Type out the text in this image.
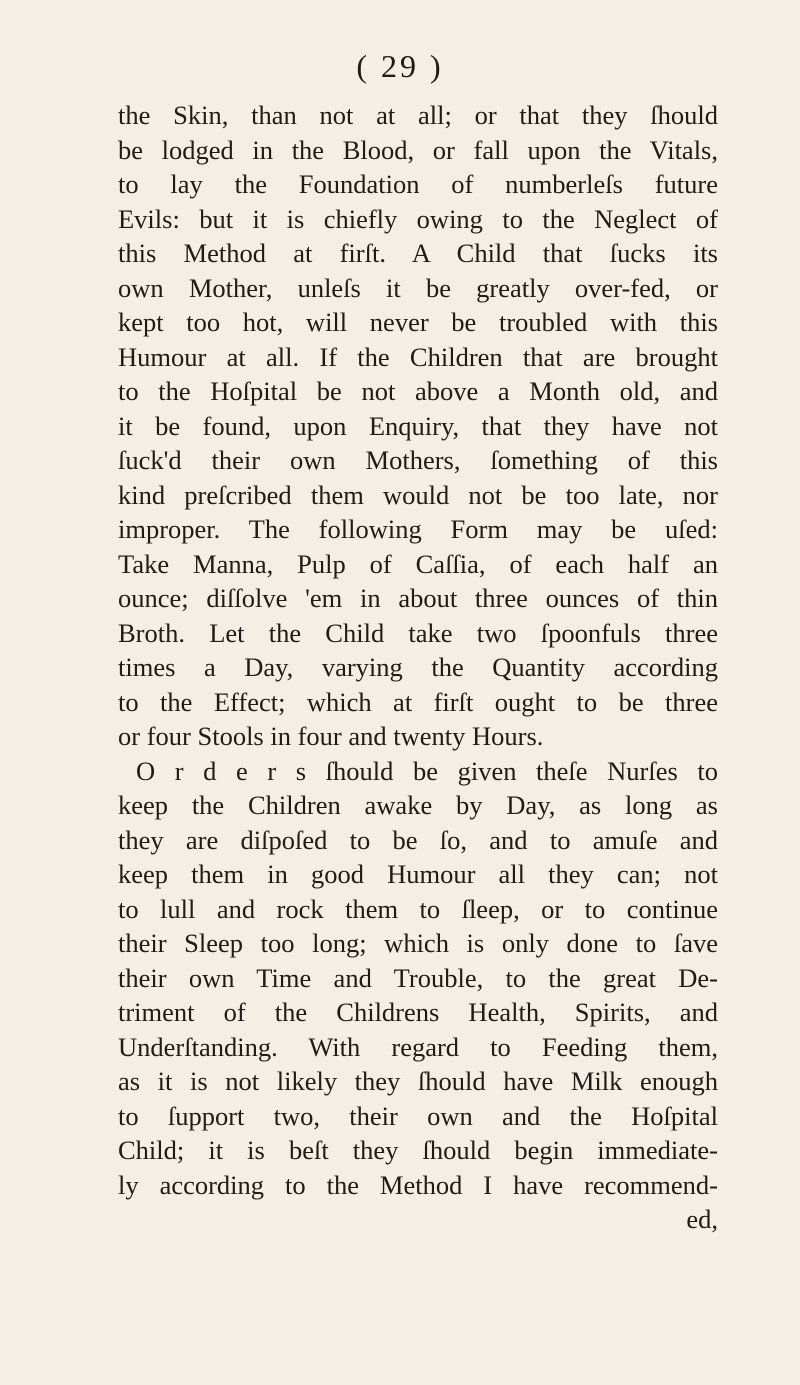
( 29 )
the Skin, than not at all; or that they ſhould
be lodged in the Blood, or fall upon the Vitals,
to lay the Foundation of numberleſs future
Evils: but it is chiefly owing to the Neglect of
this Method at firſt. A Child that ſucks its
own Mother, unleſs it be greatly over-fed, or
kept too hot, will never be troubled with this
Humour at all. If the Children that are brought
to the Hoſpital be not above a Month old, and
it be found, upon Enquiry, that they have not
ſuck'd their own Mothers, ſomething of this
kind preſcribed them would not be too late, nor
improper. The following Form may be uſed:
Take Manna, Pulp of Caſſia, of each half an
ounce; diſſolve 'em in about three ounces of thin
Broth. Let the Child take two ſpoonfuls three
times a Day, varying the Quantity according
to the Effect; which at firſt ought to be three
or four Stools in four and twenty Hours.
O r d e r s ſhould be given theſe Nurſes to
keep the Children awake by Day, as long as
they are diſpoſed to be ſo, and to amuſe and
keep them in good Humour all they can; not
to lull and rock them to ſleep, or to continue
their Sleep too long; which is only done to ſave
their own Time and Trouble, to the great De-
triment of the Childrens Health, Spirits, and
Underſtanding. With regard to Feeding them,
as it is not likely they ſhould have Milk enough
to ſupport two, their own and the Hoſpital
Child; it is beſt they ſhould begin immediate-
ly according to the Method I have recommend-
ed,
